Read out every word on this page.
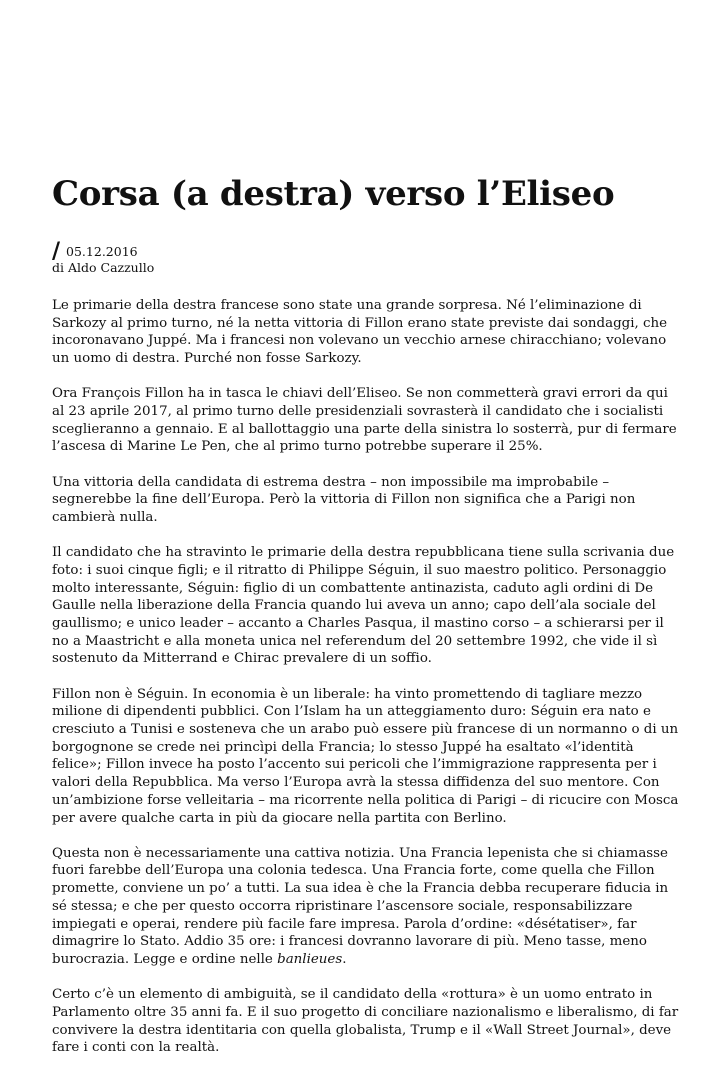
Corsa (a destra) verso l’Eliseo
/ 05.12.2016
di Aldo Cazzullo

Le primarie della destra francese sono state una grande sorpresa. Né l’eliminazione di Sarkozy al primo turno, né la netta vittoria di Fillon erano state previste dai sondaggi, che incoronavano Juppé. Ma i francesi non volevano un vecchio arnese chiracchiano; volevano un uomo di destra. Purché non fosse Sarkozy.

Ora François Fillon ha in tasca le chiavi dell’Eliseo. Se non commetterà gravi errori da qui al 23 aprile 2017, al primo turno delle presidenziali sovrasterà il candidato che i socialisti sceglieranno a gennaio. E al ballottaggio una parte della sinistra lo sosterrà, pur di fermare l’ascesa di Marine Le Pen, che al primo turno potrebbe superare il 25%.

Una vittoria della candidata di estrema destra – non impossibile ma improbabile – segnerebbe la fine dell’Europa. Però la vittoria di Fillon non significa che a Parigi non cambierà nulla.

Il candidato che ha stravinto le primarie della destra repubblicana tiene sulla scrivania due foto: i suoi cinque figli; e il ritratto di Philippe Séguin, il suo maestro politico. Personaggio molto interessante, Séguin: figlio di un combattente antinazista, caduto agli ordini di De Gaulle nella liberazione della Francia quando lui aveva un anno; capo dell’ala sociale del gaullismo; e unico leader – accanto a Charles Pasqua, il mastino corso – a schierarsi per il no a Maastricht e alla moneta unica nel referendum del 20 settembre 1992, che vide il sì sostenuto da Mitterrand e Chirac prevalere di un soffio.

Fillon non è Séguin. In economia è un liberale: ha vinto promettendo di tagliare mezzo milione di dipendenti pubblici. Con l’Islam ha un atteggiamento duro: Séguin era nato e cresciuto a Tunisi e sosteneva che un arabo può essere più francese di un normanno o di un borgognone se crede nei princìpi della Francia; lo stesso Juppé ha esaltato «l’identità felice»; Fillon invece ha posto l’accento sui pericoli che l’immigrazione rappresenta per i valori della Repubblica. Ma verso l’Europa avrà la stessa diffidenza del suo mentore. Con un’ambizione forse velleitaria – ma ricorrente nella politica di Parigi – di ricucire con Mosca per avere qualche carta in più da giocare nella partita con Berlino.

Questa non è necessariamente una cattiva notizia. Una Francia lepenista che si chiamasse fuori farebbe dell’Europa una colonia tedesca. Una Francia forte, come quella che Fillon promette, conviene un po’ a tutti. La sua idea è che la Francia debba recuperare fiducia in sé stessa; e che per questo occorra ripristinare l’ascensore sociale, responsabilizzare impiegati e operai, rendere più facile fare impresa. Parola d’ordine: «désétatiser», far dimagrire lo Stato. Addio 35 ore: i francesi dovranno lavorare di più. Meno tasse, meno burocrazia. Legge e ordine nelle banlieues.

Certo c’è un elemento di ambiguità, se il candidato della «rottura» è un uomo entrato in Parlamento oltre 35 anni fa. E il suo progetto di conciliare nazionalismo e liberalismo, di far convivere la destra identitaria con quella globalista, Trump e il «Wall Street Journal», deve fare i conti con la realtà.
